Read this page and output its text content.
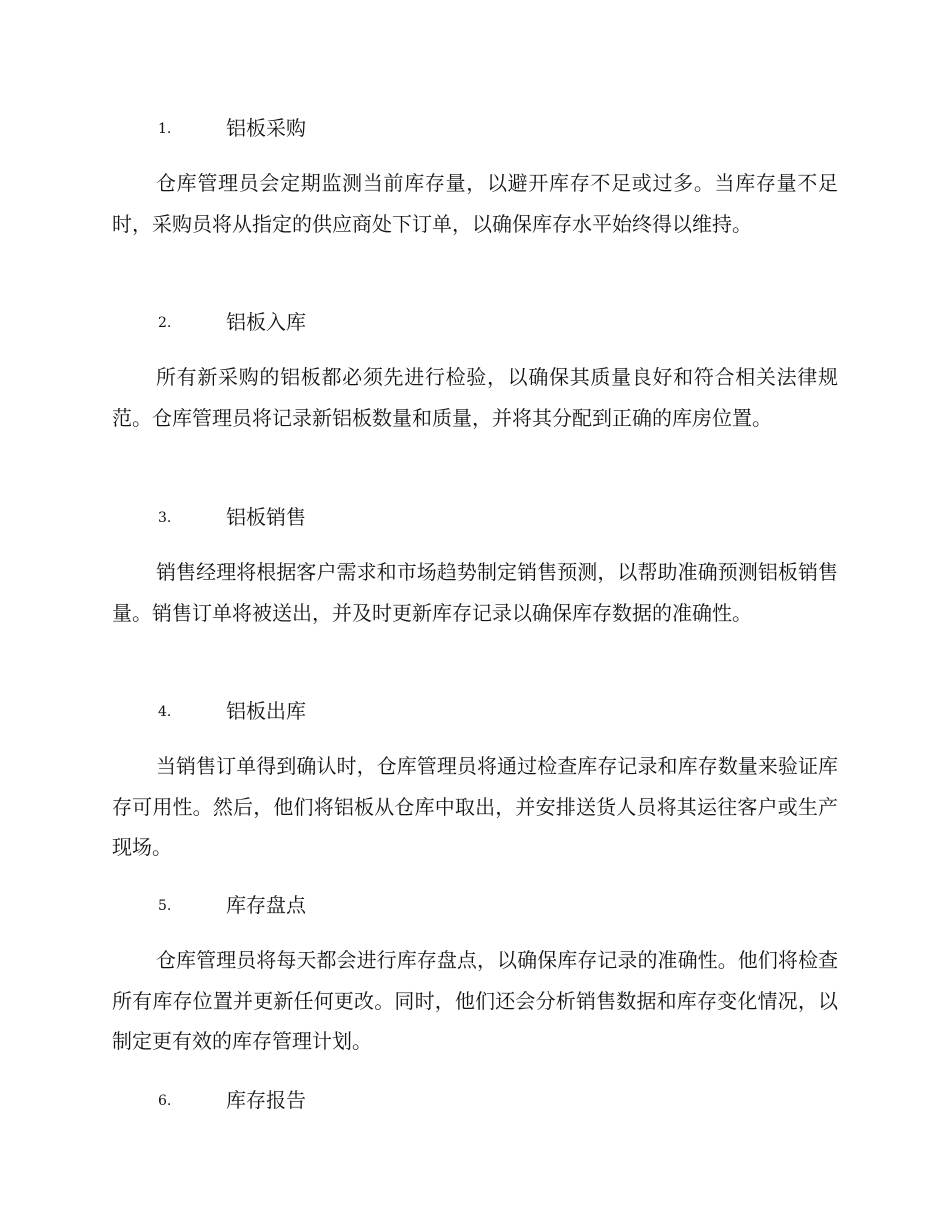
1.	铝板采购

仓库管理员会定期监测当前库存量，以避开库存不足或过多。当库存量不足时，采购员将从指定的供应商处下订单，以确保库存水平始终得以维持。

2.	铝板入库

所有新采购的铝板都必须先进行检验，以确保其质量良好和符合相关法律规范。仓库管理员将记录新铝板数量和质量，并将其分配到正确的库房位置。

3.	铝板销售

销售经理将根据客户需求和市场趋势制定销售预测，以帮助准确预测铝板销售量。销售订单将被送出，并及时更新库存记录以确保库存数据的准确性。

4.	铝板出库

当销售订单得到确认时，仓库管理员将通过检查库存记录和库存数量来验证库存可用性。然后，他们将铝板从仓库中取出，并安排送货人员将其运往客户或生产现场。

5.	库存盘点

仓库管理员将每天都会进行库存盘点，以确保库存记录的准确性。他们将检查所有库存位置并更新任何更改。同时，他们还会分析销售数据和库存变化情况，以制定更有效的库存管理计划。

6.	库存报告
